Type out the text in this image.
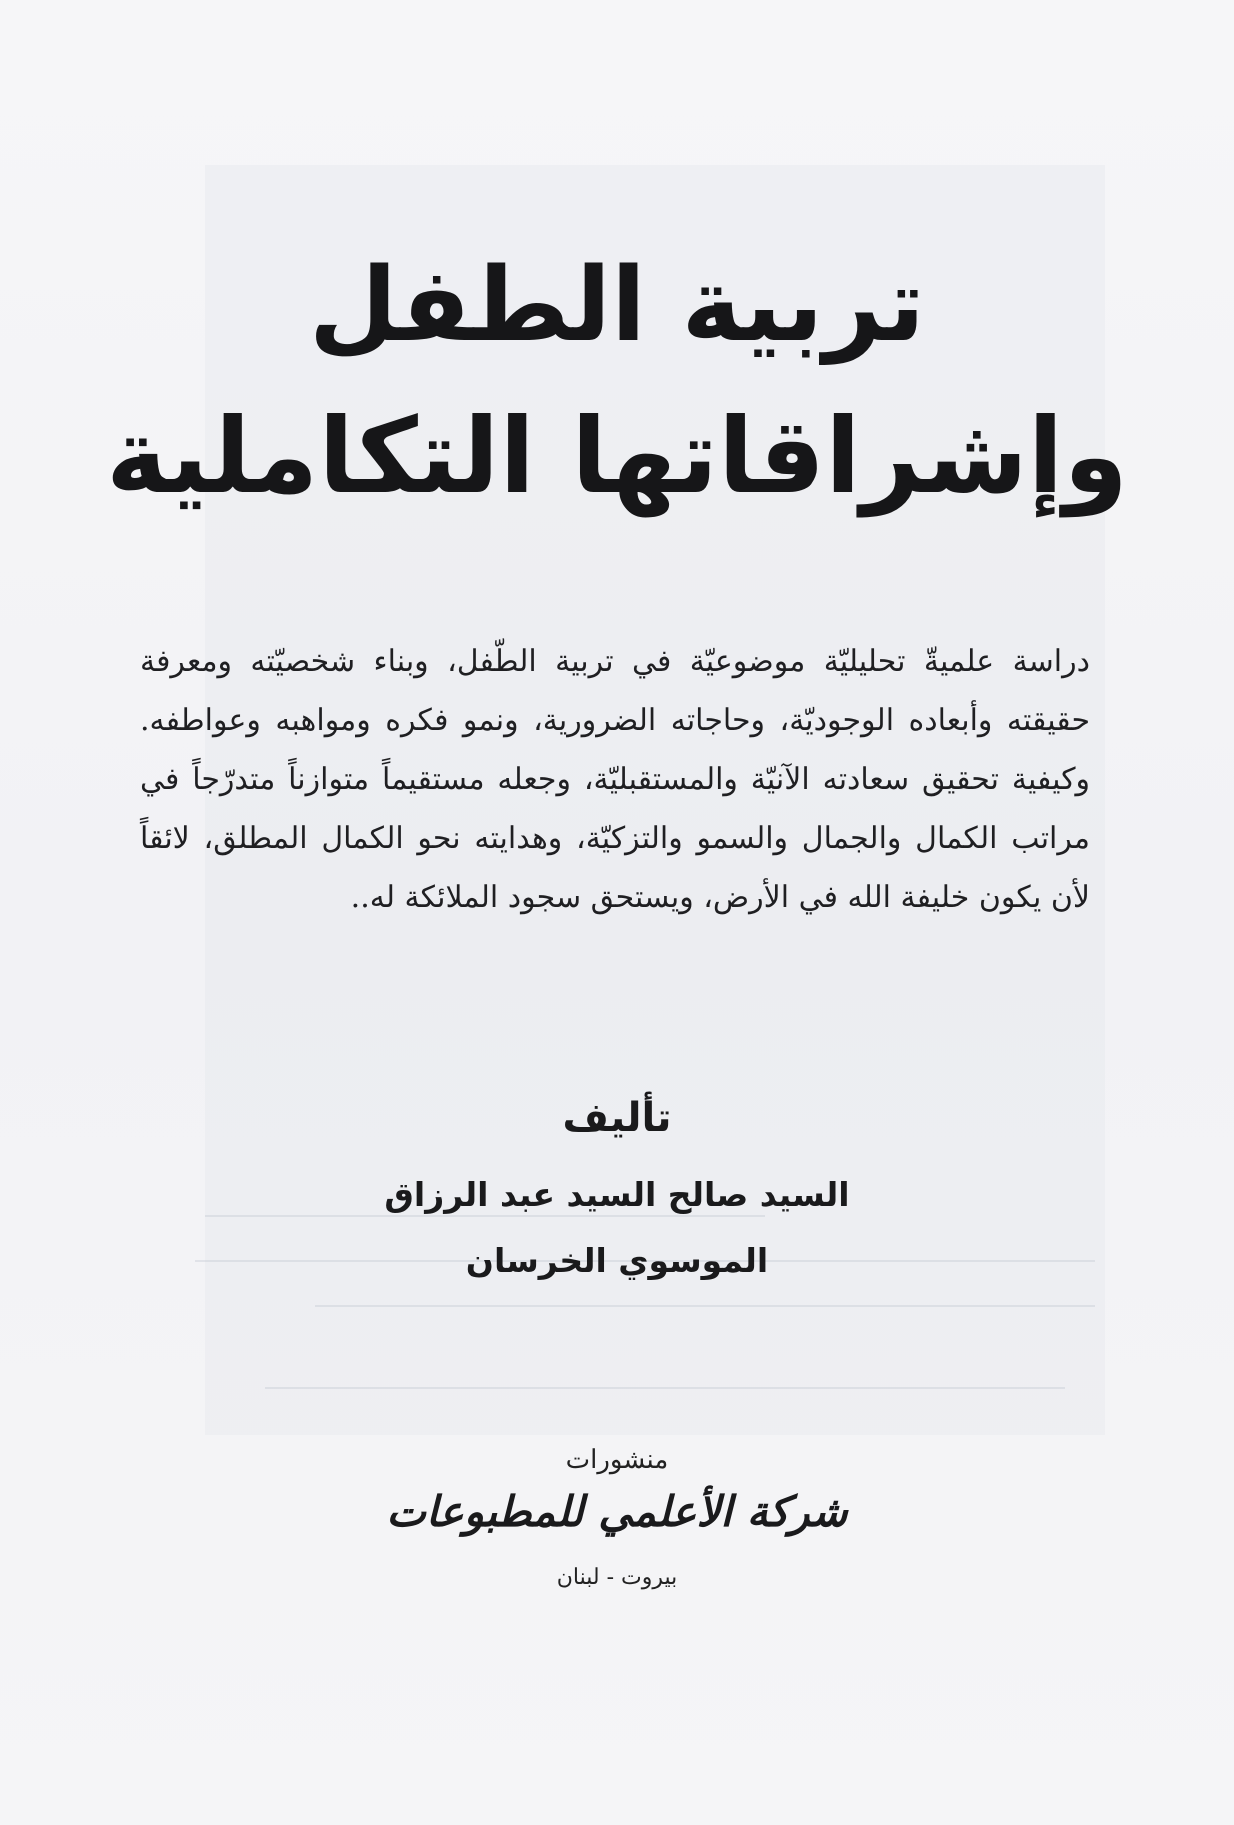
تربية الطفل
وإشراقاتها التكاملية
دراسة علميةّ تحليليّة موضوعيّة في تربية الطّفل، وبناء شخصيّته ومعرفة حقيقته وأبعاده الوجوديّة، وحاجاته الضرورية، ونمو فكره ومواهبه وعواطفه. وكيفية تحقيق سعادته الآنيّة والمستقبليّة، وجعله مستقيماً متوازناً متدرّجاً في مراتب الكمال والجمال والسمو والتزكيّة، وهدايته نحو الكمال المطلق، لائقاً لأن يكون خليفة الله في الأرض، ويستحق سجود الملائكة له..
تأليف
السيد صالح السيد عبد الرزاق
الموسوي الخرسان
منشورات
شركة الأعلمي للمطبوعات
بيروت - لبنان
